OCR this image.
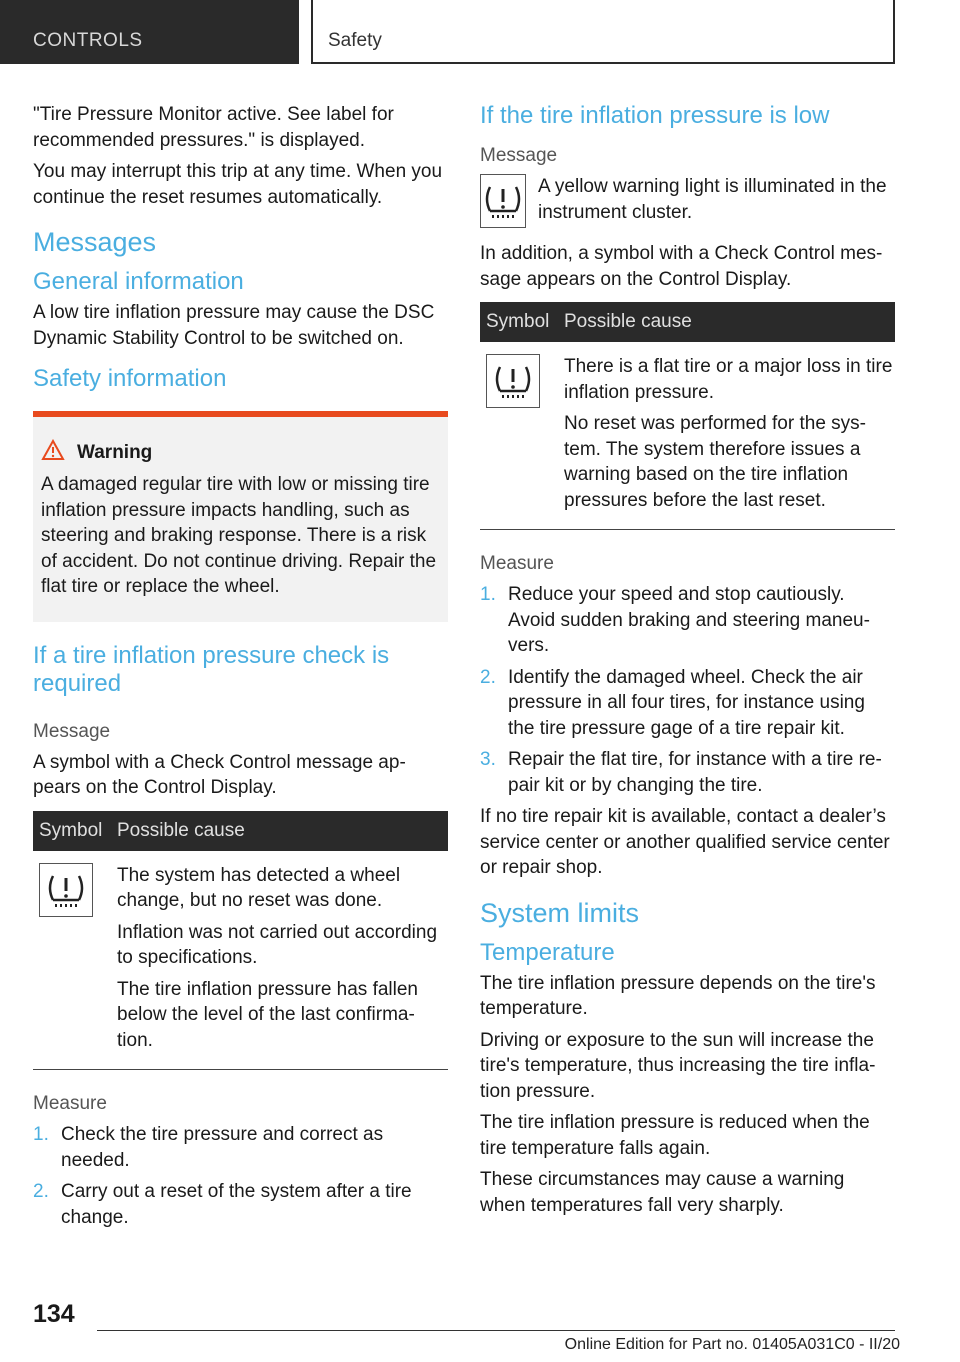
CONTROLS	Safety

"Tire Pressure Monitor active. See label for recommended pressures." is displayed.

You may interrupt this trip at any time. When you continue the reset resumes automatically.

Messages
General information

A low tire inflation pressure may cause the DSC Dynamic Stability Control to be switched on.

Safety information
Warning

A damaged regular tire with low or missing tire inflation pressure impacts handling, such as steering and braking response. There is a risk of accident. Do not continue driving. Repair the flat tire or replace the wheel.

If a tire inflation pressure check is required
Message

A symbol with a Check Control message ap‐pears on the Control Display.

Symbol Possible cause

The system has detected a wheel change, but no reset was done.

Inflation was not carried out according to specifications.

The tire inflation pressure has fallen below the level of the last confirma‐tion.

Measure
1. Check the tire pressure and correct as needed.
2. Carry out a reset of the system after a tire change.
If the tire inflation pressure is low
Message

A yellow warning light is illuminated in the instrument cluster.

In addition, a symbol with a Check Control mes‐sage appears on the Control Display.

Symbol Possible cause

There is a flat tire or a major loss in tire inflation pressure.

No reset was performed for the sys‐tem. The system therefore issues a warning based on the tire inflation pressures before the last reset.

Measure
1. Reduce your speed and stop cautiously. Avoid sudden braking and steering maneu‐vers.
2. Identify the damaged wheel. Check the air pressure in all four tires, for instance using the tire pressure gage of a tire repair kit.
3. Repair the flat tire, for instance with a tire re‐pair kit or by changing the tire.

If no tire repair kit is available, contact a dealer’s service center or another qualified service center or repair shop.

System limits
Temperature

The tire inflation pressure depends on the tire's temperature.

Driving or exposure to the sun will increase the tire's temperature, thus increasing the tire infla‐tion pressure.

The tire inflation pressure is reduced when the tire temperature falls again.

These circumstances may cause a warning when temperatures fall very sharply.

134
Online Edition for Part no. 01405A031C0 - II/20
